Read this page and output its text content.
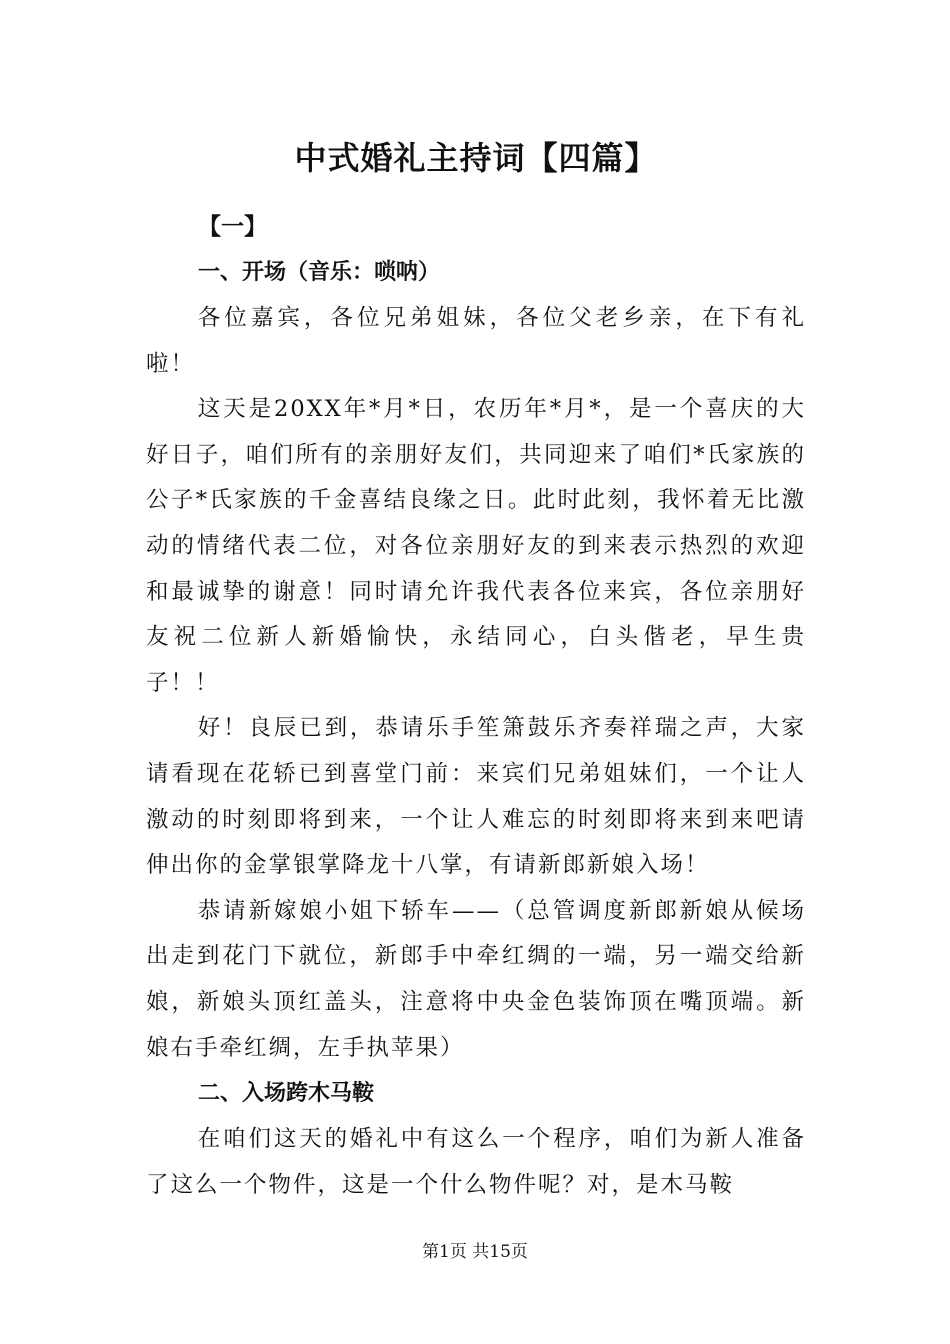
中式婚礼主持词【四篇】
【一】
一、开场（音乐：唢呐）

各位嘉宾，各位兄弟姐妹，各位父老乡亲，在下有礼啦！

这天是20XX年*月*日，农历年*月*，是一个喜庆的大好日子，咱们所有的亲朋好友们，共同迎来了咱们*氏家族的公子*氏家族的千金喜结良缘之日。此时此刻，我怀着无比激动的情绪代表二位，对各位亲朋好友的到来表示热烈的欢迎和最诚挚的谢意！同时请允许我代表各位来宾，各位亲朋好友祝二位新人新婚愉快，永结同心，白头偕老，早生贵子！！

好！良辰已到，恭请乐手笙箫鼓乐齐奏祥瑞之声，大家请看现在花轿已到喜堂门前：来宾们兄弟姐妹们，一个让人激动的时刻即将到来，一个让人难忘的时刻即将来到来吧请伸出你的金掌银掌降龙十八掌，有请新郎新娘入场！

恭请新嫁娘小姐下轿车——（总管调度新郎新娘从候场出走到花门下就位，新郎手中牵红绸的一端，另一端交给新娘，新娘头顶红盖头，注意将中央金色装饰顶在嘴顶端。新娘右手牵红绸，左手执苹果）

二、入场跨木马鞍

在咱们这天的婚礼中有这么一个程序，咱们为新人准备了这么一个物件，这是一个什么物件呢？对，是木马鞍

第1页 共15页
